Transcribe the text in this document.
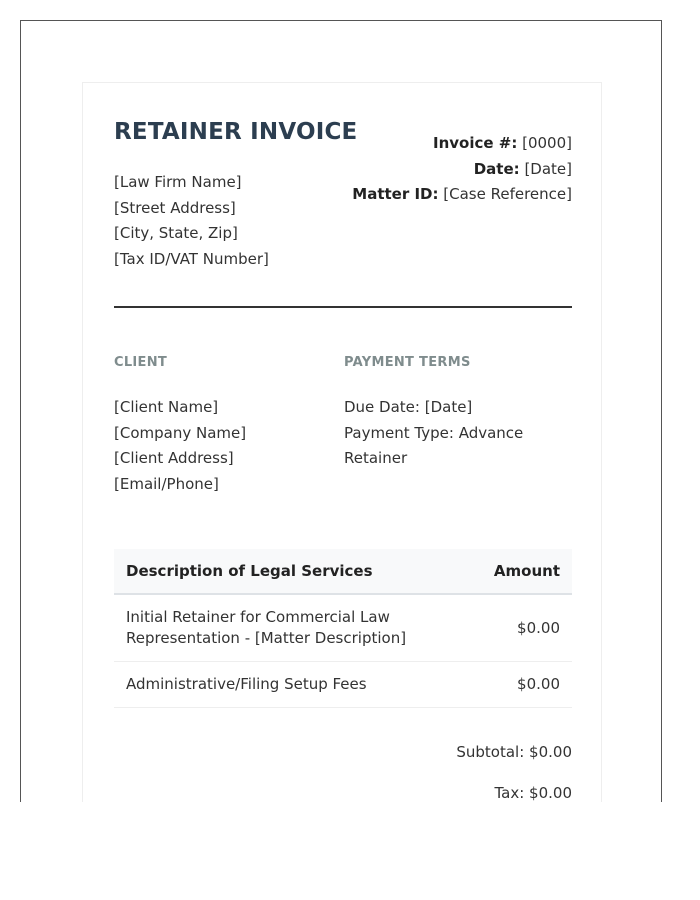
RETAINER INVOICE
[Law Firm Name]
[Street Address]
[City, State, Zip]
[Tax ID/VAT Number]
Invoice #: [0000]
Date: [Date]
Matter ID: [Case Reference]
CLIENT
[Client Name]
[Company Name]
[Client Address]
[Email/Phone]
PAYMENT TERMS
Due Date: [Date]
Payment Type: Advance Retainer
Description of Legal Services	Amount
Initial Retainer for Commercial Law
Representation - [Matter Description]
$0.00
Administrative/Filing Setup Fees	$0.00
Subtotal: $0.00
Tax: $0.00
